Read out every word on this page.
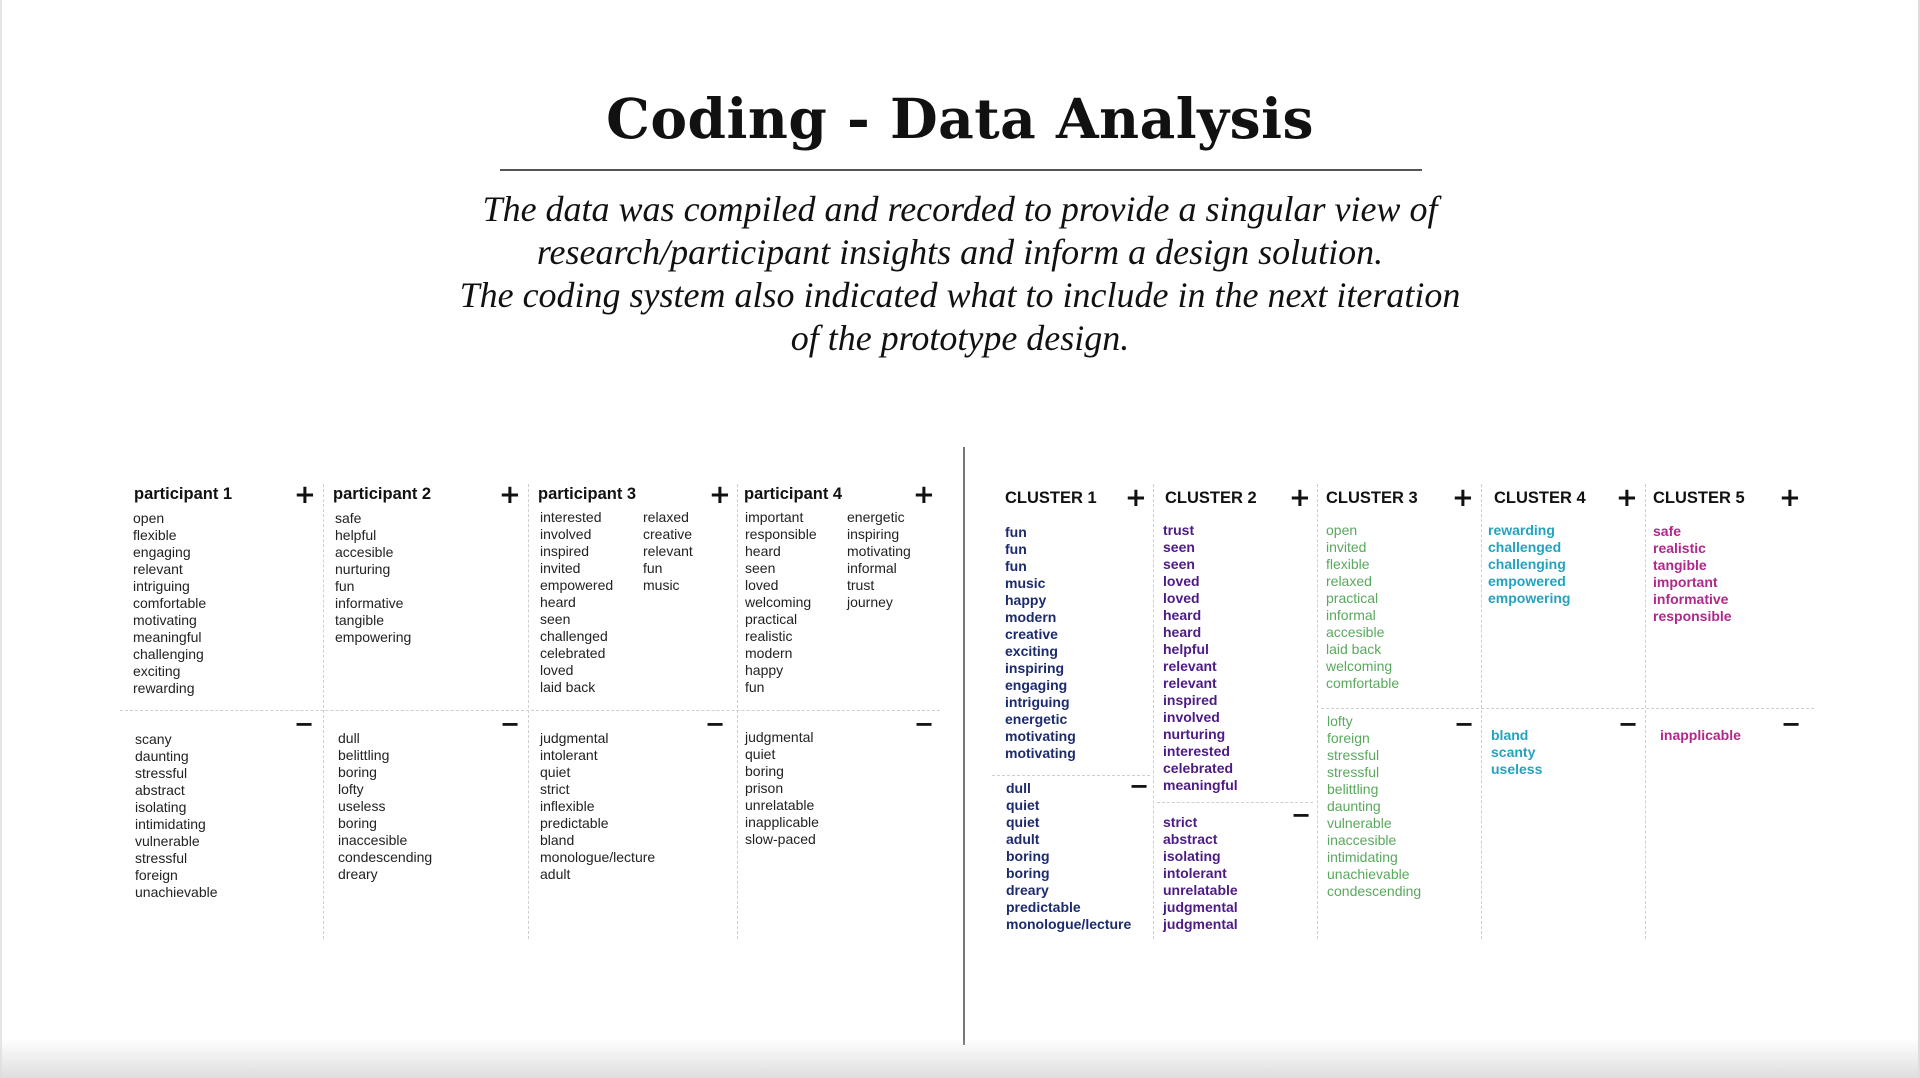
Coding - Data Analysis
The data was compiled and recorded to provide a singular view of
research/participant insights and inform a design solution.
The coding system also indicated what to include in the next iteration
of the prototype design.
participant 1 +
open
flexible
engaging
relevant
intriguing
comfortable
motivating
meaningful
challenging
exciting
rewarding
−
scany
daunting
stressful
abstract
isolating
intimidating
vulnerable
stressful
foreign
unachievable
participant 2	+
safe
helpful
accesible
nurturing
fun
informative
tangible
empowering
−
dull
belittling
boring
lofty
useless
boring
inaccesible
condescending
dreary
participant 3	+
interested
involved
inspired
invited
empowered
heard
seen
challenged
celebrated
loved
laid back
relaxed
creative
relevant
fun
music
−
judgmental
intolerant
quiet
strict
inflexible
predictable
bland
monologue/lecture
adult
participant 4	+
important
responsible
heard
seen
loved
welcoming
practical
realistic
modern
happy
fun
energetic
inspiring
motivating
informal
trust
journey
−
judgmental
quiet
boring
prison
unrelatable
inapplicable
slow-paced
CLUSTER 1 +
fun
fun
fun
music
happy
modern
creative
exciting
inspiring
engaging
intriguing
energetic
motivating
motivating
−
dull
quiet
quiet
adult
boring
boring
dreary
predictable
monologue/lecture
CLUSTER 2 +
trust
seen
seen
loved
loved
heard
heard
helpful
relevant
relevant
inspired
involved
nurturing
interested
celebrated
meaningful
−
strict
abstract
isolating
intolerant
unrelatable
judgmental
judgmental
CLUSTER 3 +
open
invited
flexible
relaxed
practical
informal
accesible
laid back
welcoming
comfortable
−
lofty
foreign
stressful
stressful
belittling
daunting
vulnerable
inaccesible
intimidating
unachievable
condescending
CLUSTER 4 +
rewarding
challenged
challenging
empowered
empowering
−
bland
scanty
useless
CLUSTER 5 +
safe
realistic
tangible
important
informative
responsible
−
inapplicable
